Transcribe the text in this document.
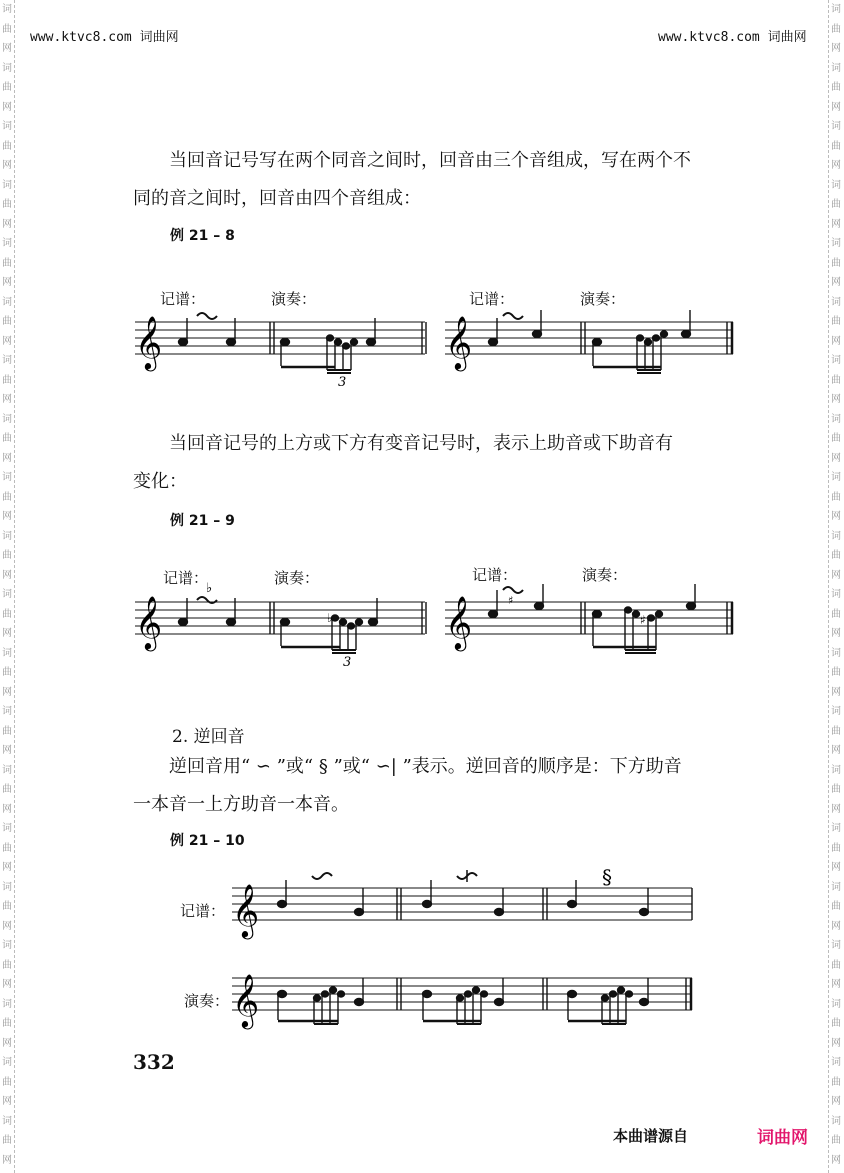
www.ktvc8.com 词曲网	www.ktvc8.com 词曲网
词曲网词曲网词曲网词曲网词曲网词曲网词曲网词曲网词曲网词曲网词曲网词曲网词曲网词曲网词曲网词曲网词曲网词曲网词曲网词曲网
词曲网词曲网词曲网词曲网词曲网词曲网词曲网词曲网词曲网词曲网词曲网词曲网词曲网词曲网词曲网词曲网词曲网词曲网词曲网词曲网
当回音记号写在两个同音之间时，回音由三个音组成，写在两个不
同的音之间时，回音由四个音组成：
例 21 – 8
记谱：	演奏：	记谱：	演奏：
𝄞	𝄞
3
当回音记号的上方或下方有变音记号时，表示上助音或下助音有
变化：
例 21 – 9
记谱：	演奏：	记谱：	演奏：
𝄞	𝄞
♭
♭
♯
♯
3
2. 逆回音
逆回音用“ ∽ ”或“ § ”或“ ∽| ”表示。逆回音的顺序是：下方助音
一本音一上方助音一本音。
例 21 – 10
记谱：
演奏：
𝄞
§
𝄞
332
本曲谱源自	词曲网
